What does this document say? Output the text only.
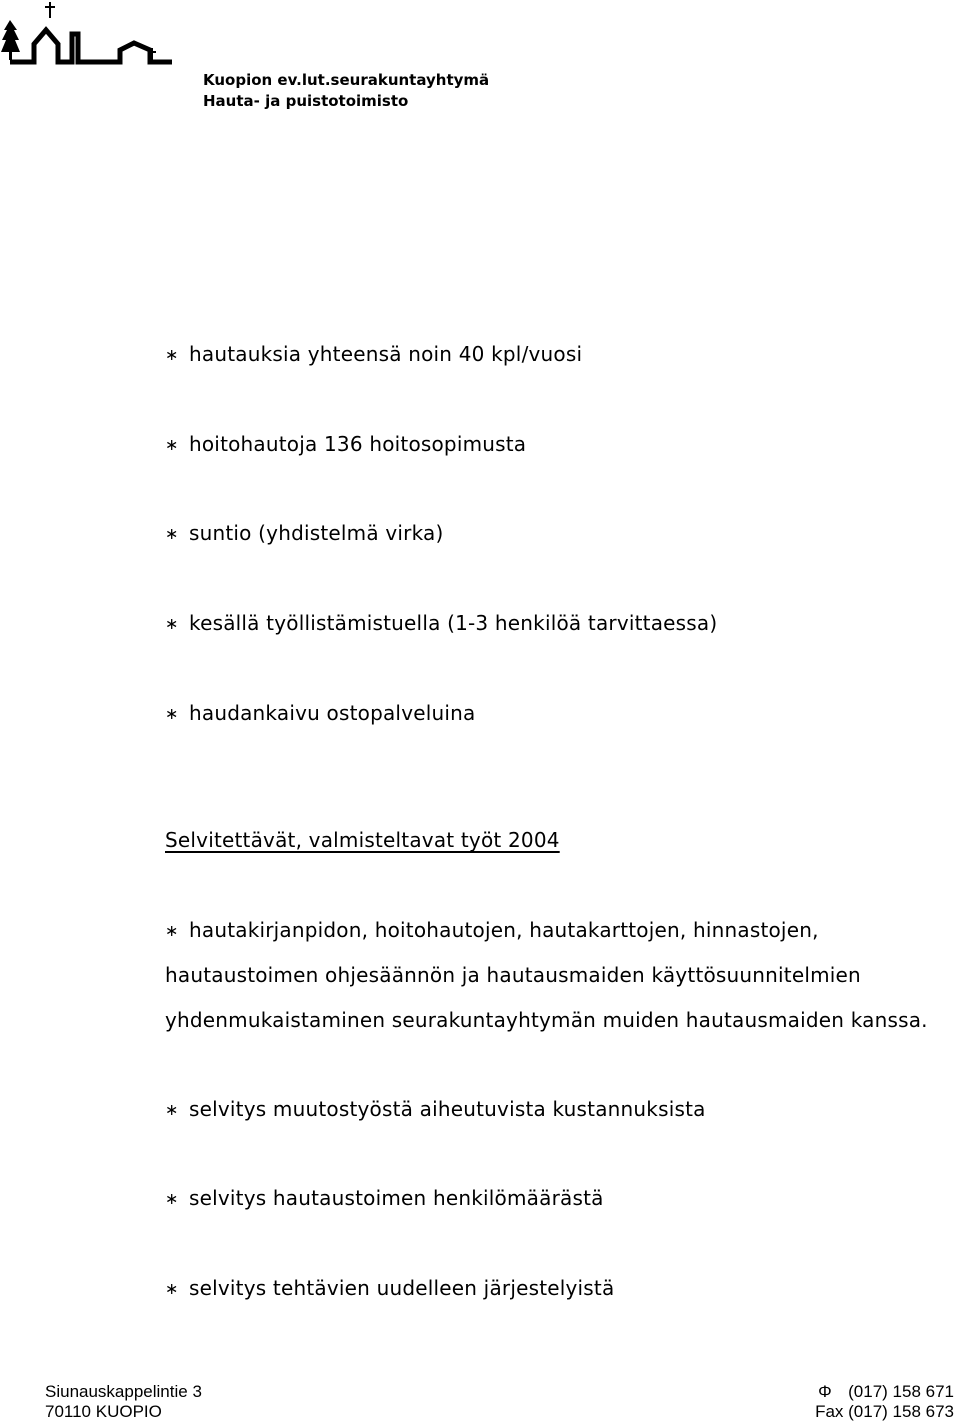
Kuopion ev.lut.seurakuntayhtymä
Hauta- ja puistotoimisto
∗ hautauksia yhteensä noin 40 kpl/vuosi
∗ hoitohautoja 136 hoitosopimusta
∗ suntio (yhdistelmä virka)
∗ kesällä työllistämistuella (1-3 henkilöä tarvittaessa)
∗ haudankaivu ostopalveluina
Selvitettävät, valmisteltavat työt 2004
∗ hautakirjanpidon, hoitohautojen, hautakarttojen, hinnastojen,
hautaustoimen ohjesäännön ja hautausmaiden käyttösuunnitelmien
yhdenmukaistaminen seurakuntayhtymän muiden hautausmaiden kanssa.
∗ selvitys muutostyöstä aiheutuvista kustannuksista
∗ selvitys hautaustoimen henkilömäärästä
∗ selvitys tehtävien uudelleen järjestelyistä
Siunauskappelintie 3
70110 KUOPIO
Φ (017) 158 671
Fax (017) 158 673
